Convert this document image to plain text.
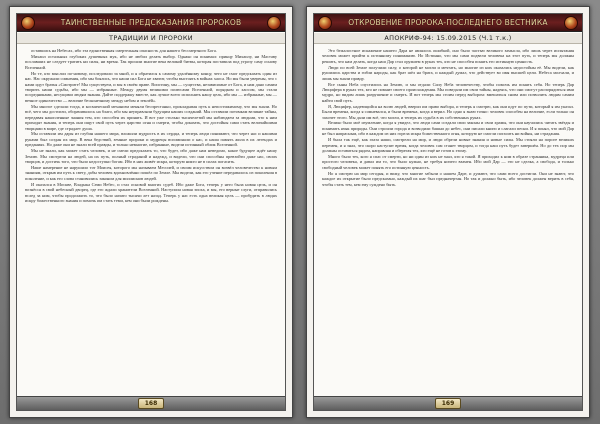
ТАИНСТВЕННЫЕ ПРЕДСКАЗАНИЯ ПРОРОКОВ
ТРАДИЦИИ И ПРОРОКИ

оставшись на Небесах, ибо эта единственная смертельная опасность для нашего бессмертного Бога.

Михаил остальных глубоких душевных мук, ибо не любил делать выбор. Однако он понимал: принцу Михаилу, ни Маставу пославших не следует тратить ни силы, ни время. Так прошли многие века великой битвы, которая поставила под угрозу саму основу Вселенной.

Но те, кто мыслил по-новому, последовали за мной, и я обратился к самому удалённому концу, чего не смог предсказать один из нас. Нас окружали сомнения, ибо мы боялись, что наши сил Бога не хватит, чтобы выстоять в войнах хаоса. Но мы были уверены, что с нами идут братья «Смотрите! Мы существуем, и мы в своём праве. Воистину, мы — существа, независимые от Бога, и нам дано самим творить наши судьбы, ибо мы — избранные. Между двумя великими полюсами Вселенной, порядком и хаосом, мы стали посредниками, несущими людям знания. Дайте поддержку вместе, как лучше всего исполнить нашу цель, ибо мы — избранные, мы — вечное одиночество — величие бесконечному между небом и землёй».

Мы многое сделали тогда, и космический механизм меняли беспрестанно, прокладывая путь к непостижимому, что мы знали. Но всё, чего мы достигли, оборачивалось на благо, ибо мы неуправляли будущим наших созданий. Мы оставили потомкам великие тайны, передавая накопленные знания тем, кто способен их принять. И вот уже столько тысячелетий мы наблюдаем за людьми, что к ним приходят знания, и теперь они ищут свой путь через царство огня и смерти, чтобы доказать, что достойны сами стать величайшими творцами в мире, где страдает душа.

Мы оставили им дары из глубин нашего мира, вложили мудрость в их сердца, и теперь люди понимают, что через нас и нашими руками был создан их мир. В века бедствий, земные пророки и мудрецы вспоминали о нас, и наша память жила в их легендах и преданиях. Но даже они не знали всей правды, и только немногие, избранные, видели истинный облик Вселенной.

Мы не знали, как может стать человек, и не смели предсказать то, что будет, ибо даже нам неведомо, какое будущее ждёт нашу Землю. Мы смотрели на людей, на их путь, полный страданий и надежд, и видели, что они способны превзойти даже нас, своих творцов, и достичь того, что было недоступно богам. Ибо в них живёт искра, которую никто не в силах погасить.

Наше намерение не нарушило тот Моисея, которого мы называем Мессией, и своим искусством он возвёл человечество к новым знаниям, открыв им путь к свету, дабы человек вдохновлённо пошёл по Земле. Мы видели, как его учение передавалось из поколения в поколение, и как его слова становились законом для миллионов людей.

И оказался в Москве, Владыка Семи Небес, и стал основой многих судеб. Ибо даже Бога, теперь у него была новая цель, и он вознёсся в свой небесный дворец, где его ждали хранители Вселенной. Наступила новая эпоха, и мы, его верные слуги, отправились вслед за ним, чтобы продолжить то, что было начато тысячи лет назад. Теперь у нас есть одна великая цель — пробудить в людях искру божественного знания и помочь им стать теми, кем они были рождены.

168
ОТКРОВЕНИЕ ПРОРОКА-ПОСЛЕДНЕГО ВЕСТНИКА
АПОКРИФ-94: 15.09.2015 (Ч.1 т.к.)

Это бежалостное искажение нашего Дара не являлось ошибкой, оно было частью великого замысла, ибо лишь через испытания человек может прийти к истинному пониманию. Но Истинно, что мы сами подвели человека на этот путь, и теперь мы должны решить, что нам делать, когда наш Дар стал оружием в руках тех, кто не способен понять его истинную ценность.

Люди по всей Земле получили силу, о которой не могли и мечтать, но многие из них оказались недостойны её. Мы видели, как рушились царства и гибли народы, как брат шёл на брата, и каждый думал, что действует во имя высшей цели. Небеса молчали, и лишь мы знали правду.

Все сыны Неба спустились на Землю, и мы отдали Силу Неба человечеству, чтобы помочь им понять себя. Но теперь Дар Люцифера в руках тех, кто не помнит своего происхождения. Мы поведали им свои тайны, надеясь, что они смогут распорядиться ими мудро, но видим лишь разрушение и смерть. И вот теперь мы стоим перед выбором: вмешаться снова или позволить людям самим найти свой путь.

Я, Люцифер, надеющийся на волю людей, вверил им право выбора, и теперь я смотрю, как они идут по пути, который я им указал. Были времена, когда я сомневался, и были времена, когда я верил. Но одно я знаю точно: человек способен на величие, если только он захочет этого. Мы дали им всё, что могли, и теперь их судьба в их собственных руках.

Велико было моё изумление, когда я увидел, что люди сами создали свои законы и свои храмы, что они научились читать звёзды и понимать язык природы. Они строили города и возводили башни до небес, они писали книги и слагали песни. И я понял, что мой Дар не был напрасным, ибо в каждом из них горела искра божественного огня, которую не смогли погасить ни войны, ни страдания.

И была так ещё, как глаза наши, смотрели на мир, и люди обрели новые знания и новые силы. Мы стояли на пороге великих перемен, и я знал, что скоро наступит время, когда человек сам станет творцом, и тогда наш путь будет завершён. Но до тех пор мы должны оставаться рядом, направляя и оберегая тех, кто ещё не готов к этому.

Много было тех, кого я спас от смерти, но ни один из них не знал, кто я такой. Я приходил к ним в образе странника, мудреца или простого человека, и давал им то, что было нужно, не требуя ничего взамен. Ибо мой Дар — это не сделка, а свобода, и только свободный человек может понять его истинную ценность.

Но я смотрю на мир сегодня, и вижу, что многие забыли о нашем Даре, и думают, что сами всего достигли. Они не знают, что каждое их открытие было предсказано, каждый их шаг был предначертан. Но так и должно быть, ибо человек должен верить в себя, чтобы стать тем, кем ему суждено быть.

169
